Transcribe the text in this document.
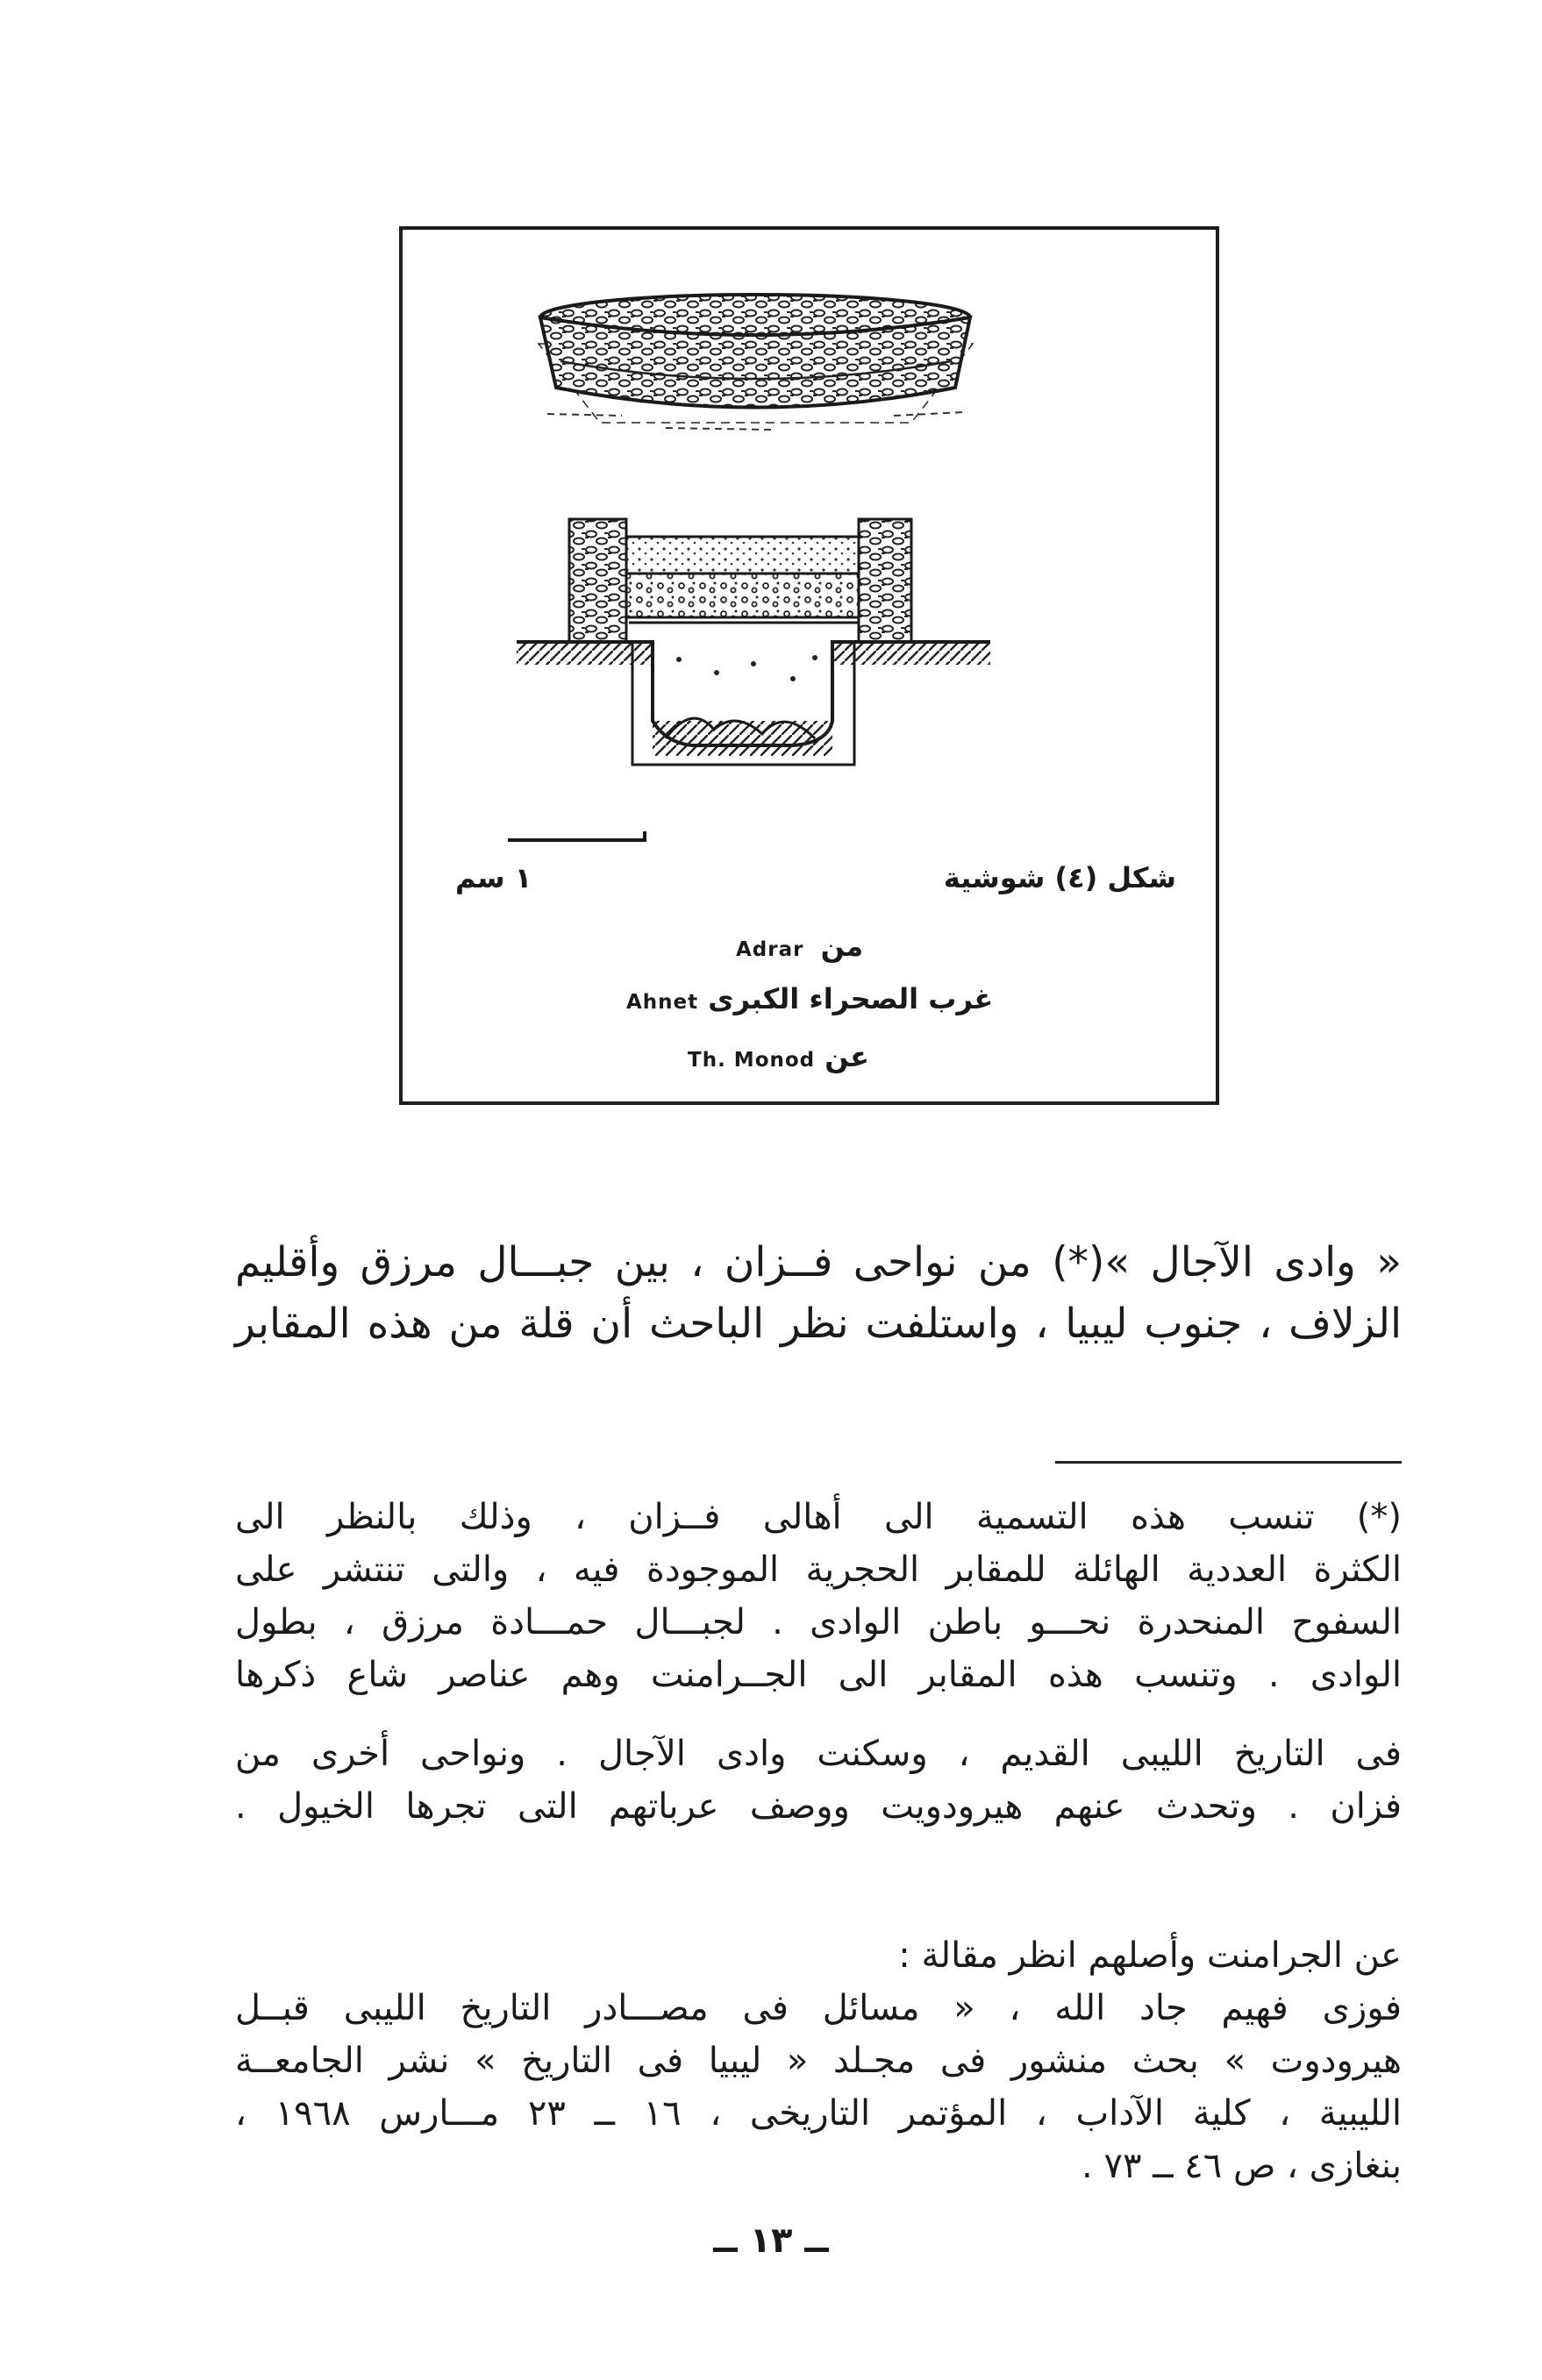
١ سم	شكل (٤) شوشية
من Adrar
غرب الصحراء الكبرى Ahnet
عن Th. Monod
« وادى الآجال »(*) من نواحى فــزان ، بين جبـــال مرزق وأقليم
الزلاف ، جنوب ليبيا ، واستلفت نظر الباحث أن قلة من هذه المقابر
(*) تنسب هذه التسمية الى أهالى فــزان ، وذلك بالنظر الى
الكثرة العددية الهائلة للمقابر الحجرية الموجودة فيه ، والتى تنتشر على
السفوح المنحدرة نحـــو باطن الوادى . لجبـــال حمـــادة مرزق ، بطول
الوادى . وتنسب هذه المقابر الى الجــرامنت وهم عناصر شاع ذكرها
فى التاريخ الليبى القديم ، وسكنت وادى الآجال . ونواحى أخرى من
فزان . وتحدث عنهم هيرودويت ووصف عرباتهم التى تجرها الخيول .
عن الجرامنت وأصلهم انظر مقالة :
فوزى فهيم جاد الله ، « مسائل فى مصـــادر التاريخ الليبى قبــل
هيرودوت » بحث منشور فى مجـلد « ليبيا فى التاريخ » نشر الجامعــة
الليبية ، كلية الآداب ، المؤتمر التاريخى ، ١٦ ــ ٢٣ مـــارس ١٩٦٨ ،
بنغازى ، ص ٤٦ ــ ٧٣ .
ــ ١٣ ــ
